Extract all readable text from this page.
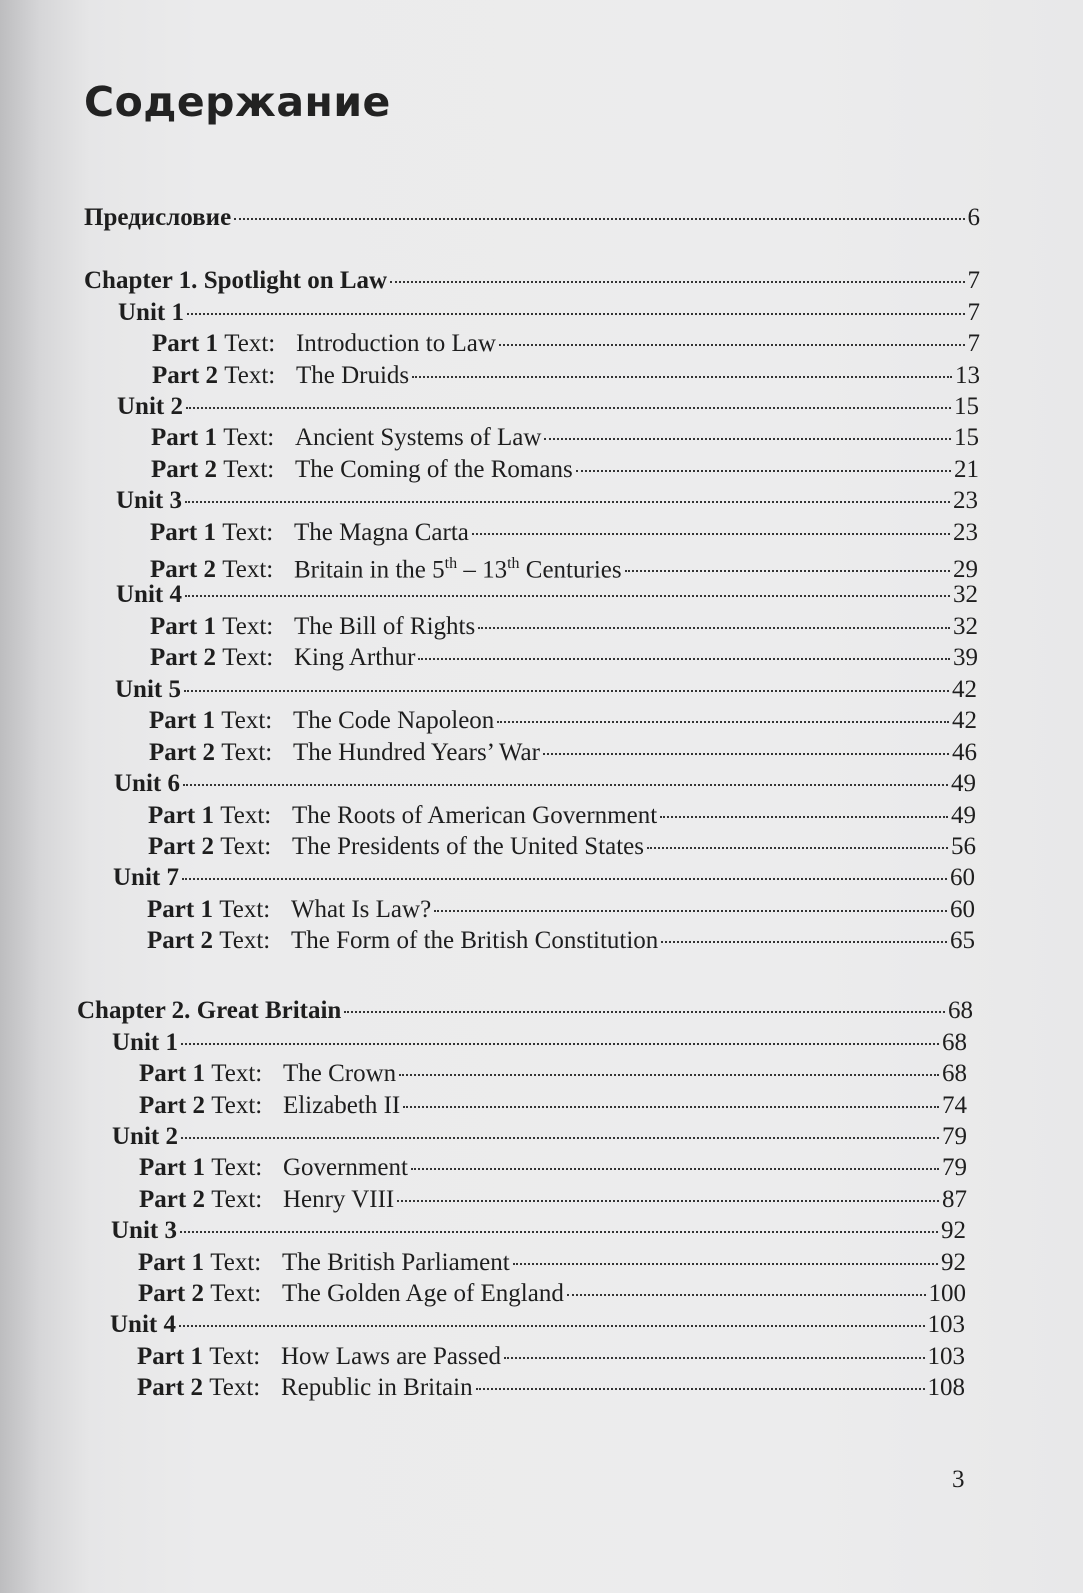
Содержание
Предисловие	6
Chapter 1. Spotlight on Law	7
Unit 1	7
Part 1 Text: Introduction to Law	7
Part 2 Text: The Druids	13
Unit 2	15
Part 1 Text: Ancient Systems of Law	15
Part 2 Text: The Coming of the Romans	21
Unit 3	23
Part 1 Text: The Magna Carta	23
Part 2 Text: Britain in the 5th – 13th Centuries	29
Unit 4	32
Part 1 Text: The Bill of Rights	32
Part 2 Text: King Arthur	39
Unit 5	42
Part 1 Text: The Code Napoleon	42
Part 2 Text: The Hundred Years’ War	46
Unit 6	49
Part 1 Text: The Roots of American Government	49
Part 2 Text: The Presidents of the United States	56
Unit 7	60
Part 1 Text: What Is Law?	60
Part 2 Text: The Form of the British Constitution	65
Chapter 2. Great Britain	68
Unit 1	68
Part 1 Text: The Crown	68
Part 2 Text: Elizabeth II	74
Unit 2	79
Part 1 Text: Government	79
Part 2 Text: Henry VIII	87
Unit 3	92
Part 1 Text: The British Parliament	92
Part 2 Text: The Golden Age of England	100
Unit 4	103
Part 1 Text: How Laws are Passed	103
Part 2 Text: Republic in Britain	108
3
